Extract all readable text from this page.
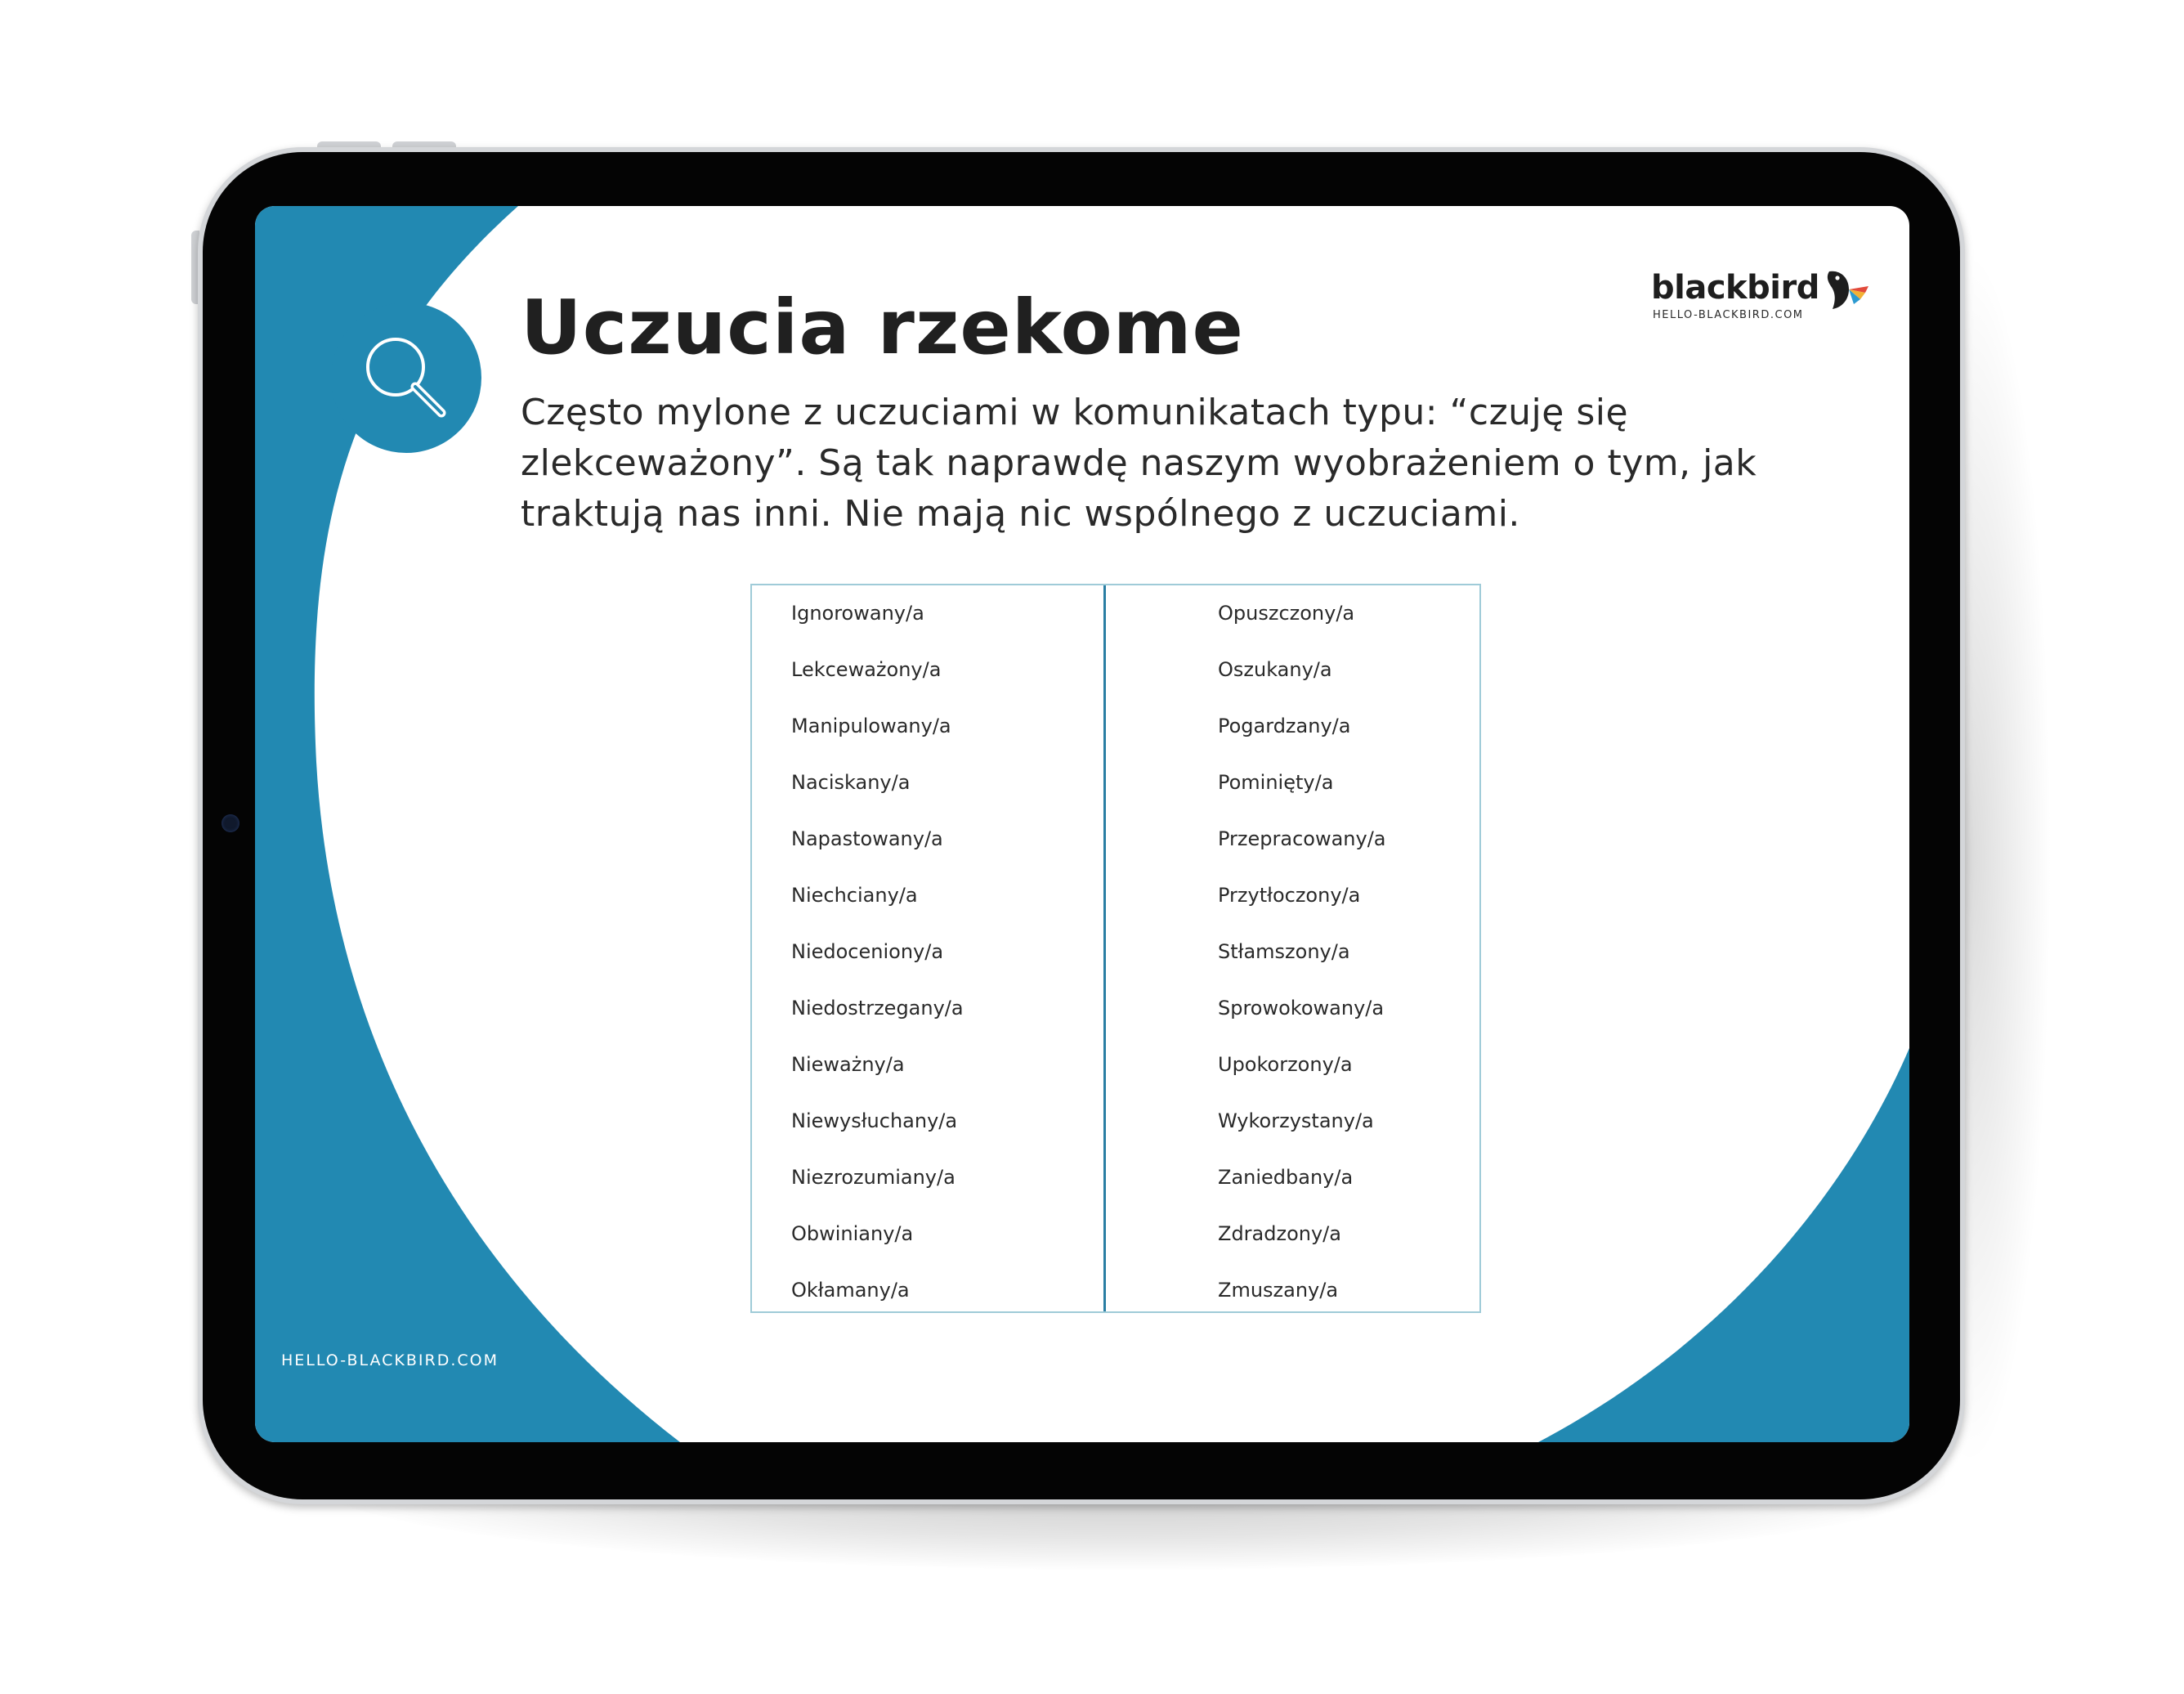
Uczucia rzekome
Często mylone z uczuciami w komunikatach typu: “czuję się zlekceważony”. Są tak naprawdę naszym wyobrażeniem o tym, jak traktują nas inni. Nie mają nic wspólnego z uczuciami.
blackbird
HELLO-BLACKBIRD.COM
Ignorowany/a
Lekceważony/a
Manipulowany/a
Naciskany/a
Napastowany/a
Niechciany/a
Niedoceniony/a
Niedostrzegany/a
Nieważny/a
Niewysłuchany/a
Niezrozumiany/a
Obwiniany/a
Okłamany/a
Opuszczony/a
Oszukany/a
Pogardzany/a
Pominięty/a
Przepracowany/a
Przytłoczony/a
Stłamszony/a
Sprowokowany/a
Upokorzony/a
Wykorzystany/a
Zaniedbany/a
Zdradzony/a
Zmuszany/a
HELLO-BLACKBIRD.COM
